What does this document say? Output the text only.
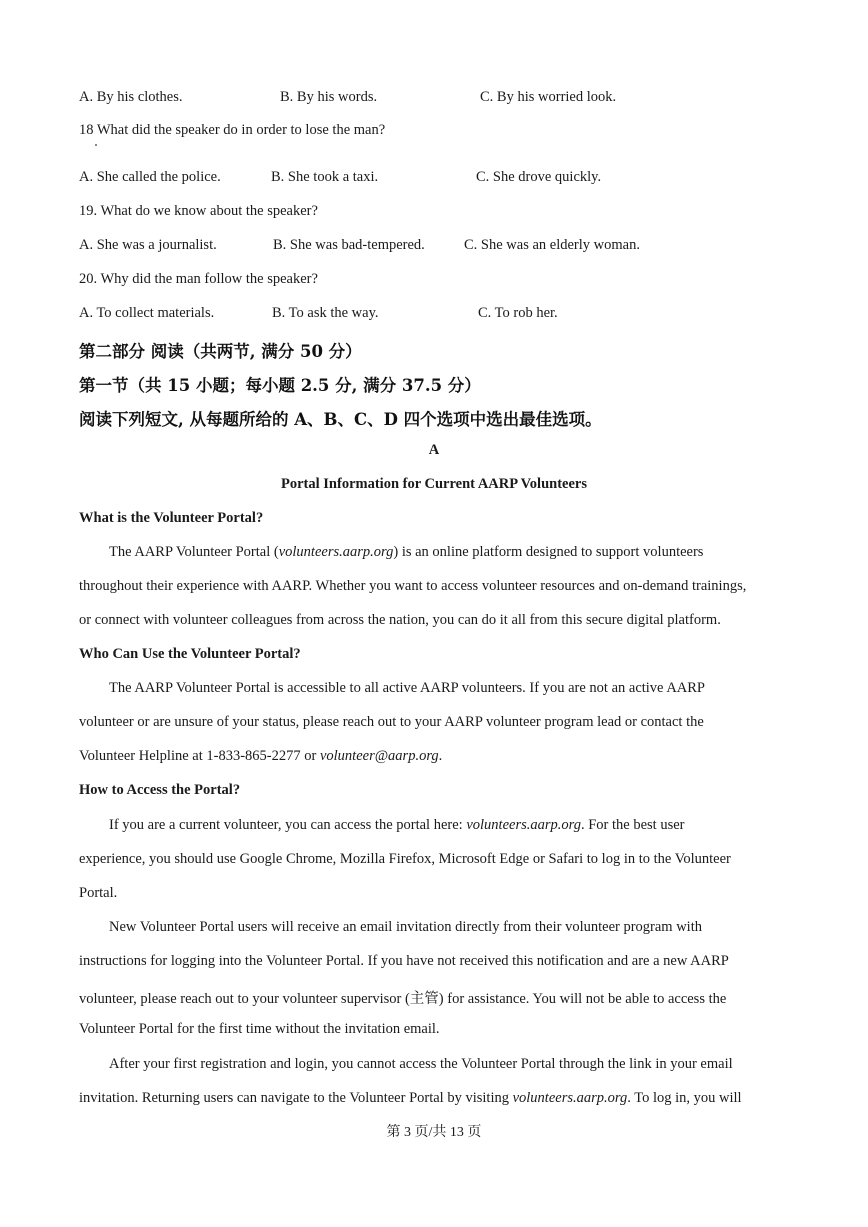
A. By his clothes.	B. By his words.	C. By his worried look.
18 What did the speaker do in order to lose the man?
A. She called the police.	B. She took a taxi.	C. She drove quickly.
19. What do we know about the speaker?
A. She was a journalist.	B. She was bad-tempered.	C. She was an elderly woman.
20. Why did the man follow the speaker?
A. To collect materials.	B. To ask the way.	C. To rob her.
第二部分 阅读（共两节, 满分 50 分）
第一节（共 15 小题；每小题 2.5 分, 满分 37.5 分）
阅读下列短文, 从每题所给的 A、B、C、D 四个选项中选出最佳选项。
A
Portal Information for Current AARP Volunteers
What is the Volunteer Portal?
The AARP Volunteer Portal (volunteers.aarp.org) is an online platform designed to support volunteers
throughout their experience with AARP. Whether you want to access volunteer resources and on-demand trainings,
or connect with volunteer colleagues from across the nation, you can do it all from this secure digital platform.
Who Can Use the Volunteer Portal?
The AARP Volunteer Portal is accessible to all active AARP volunteers. If you are not an active AARP
volunteer or are unsure of your status, please reach out to your AARP volunteer program lead or contact the
Volunteer Helpline at 1-833-865-2277 or volunteer@aarp.org.
How to Access the Portal?
If you are a current volunteer, you can access the portal here: volunteers.aarp.org. For the best user
experience, you should use Google Chrome, Mozilla Firefox, Microsoft Edge or Safari to log in to the Volunteer
Portal.
New Volunteer Portal users will receive an email invitation directly from their volunteer program with
instructions for logging into the Volunteer Portal. If you have not received this notification and are a new AARP
volunteer, please reach out to your volunteer supervisor (主管) for assistance. You will not be able to access the
Volunteer Portal for the first time without the invitation email.
After your first registration and login, you cannot access the Volunteer Portal through the link in your email
invitation. Returning users can navigate to the Volunteer Portal by visiting volunteers.aarp.org. To log in, you will
第 3 页/共 13 页
